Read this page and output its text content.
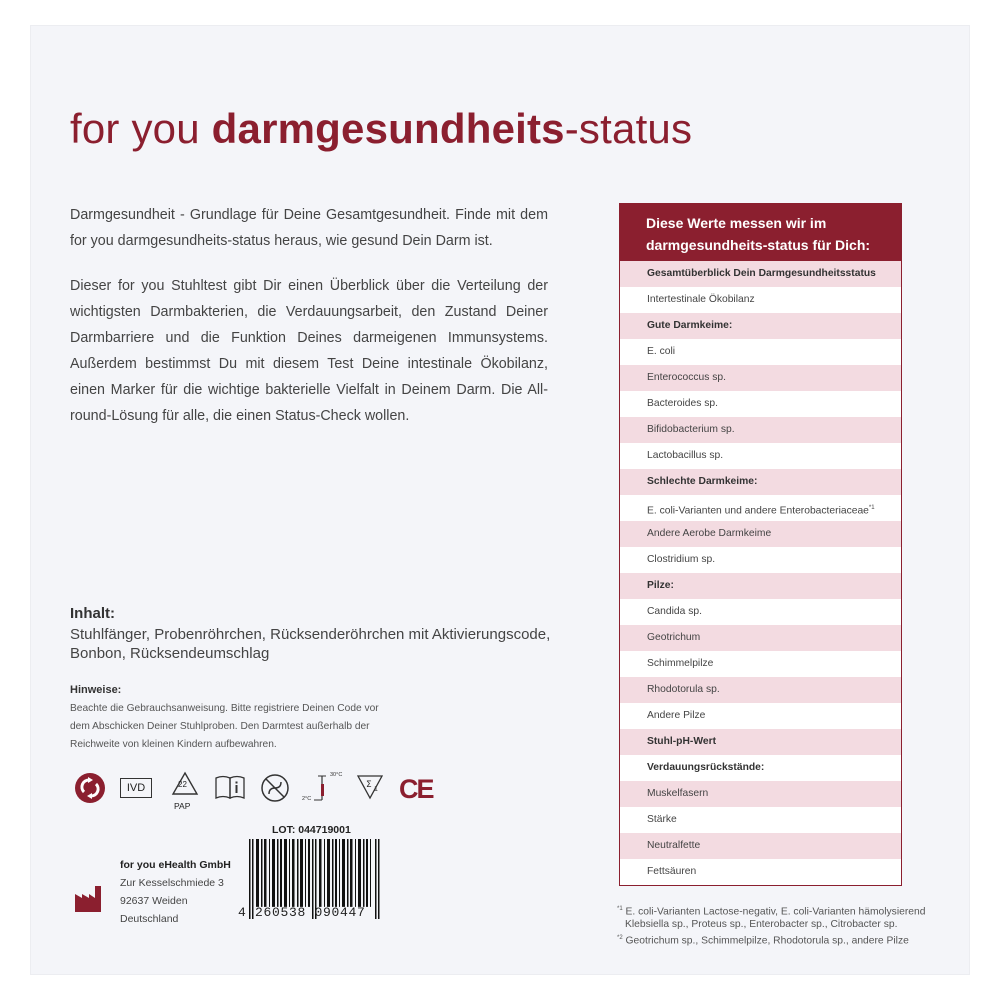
for you darmgesundheits-status
Darmgesundheit - Grundlage für Deine Gesamtgesundheit. Finde mit dem for you darmgesundheits-status heraus, wie gesund Dein Darm ist.
Dieser for you Stuhltest gibt Dir einen Überblick über die Verteilung der wichtigsten Darmbakterien, die Verdauungsarbeit, den Zustand Deiner Darmbarriere und die Funktion Deines darmeigenen Immunsystems. Außerdem bestimmst Du mit diesem Test Deine intestinale Ökobilanz, einen Marker für die wichtige bakterielle Vielfalt in Deinem Darm. Die All-round-Lösung für alle, die einen Status-Check wollen.
Inhalt:
Stuhlfänger, Probenröhrchen, Rücksenderöhrchen mit Aktivierungscode, Bonbon, Rücksendeumschlag
Hinweise:
Beachte die Gebrauchsanweisung. Bitte registriere Deinen Code vor dem Abschicken Deiner Stuhlproben. Den Darmtest außerhalb der Reichweite von kleinen Kindern aufbewahren.
IVD	22
PAP
2°C
30°C
Σ 1 CE
LOT: 044719001
4 260538 090447
for you eHealth GmbH
Zur Kesselschmiede 3
92637 Weiden
Deutschland
Diese Werte messen wir im
darmgesundheits-status für Dich:
Gesamtüberblick Dein Darmgesundheitsstatus
Intertestinale Ökobilanz
Gute Darmkeime:
E. coli
Enterococcus sp.
Bacteroides sp.
Bifidobacterium sp.
Lactobacillus sp.
Schlechte Darmkeime:
E. coli-Varianten und andere Enterobacteriaceae$^{*1}$
Andere Aerobe Darmkeime
Clostridium sp.
Pilze:
Candida sp.
Geotrichum
Schimmelpilze
Rhodotorula sp.
Andere Pilze
Stuhl-pH-Wert
Verdauungsrückstände:
Muskelfasern
Stärke
Neutralfette
Fettsäuren
$^{*1}$ E. coli-Varianten Lactose-negativ, E. coli-Varianten hämolysierend
Klebsiella sp., Proteus sp., Enterobacter sp., Citrobacter sp.
$^{*2}$ Geotrichum sp., Schimmelpilze, Rhodotorula sp., andere Pilze
